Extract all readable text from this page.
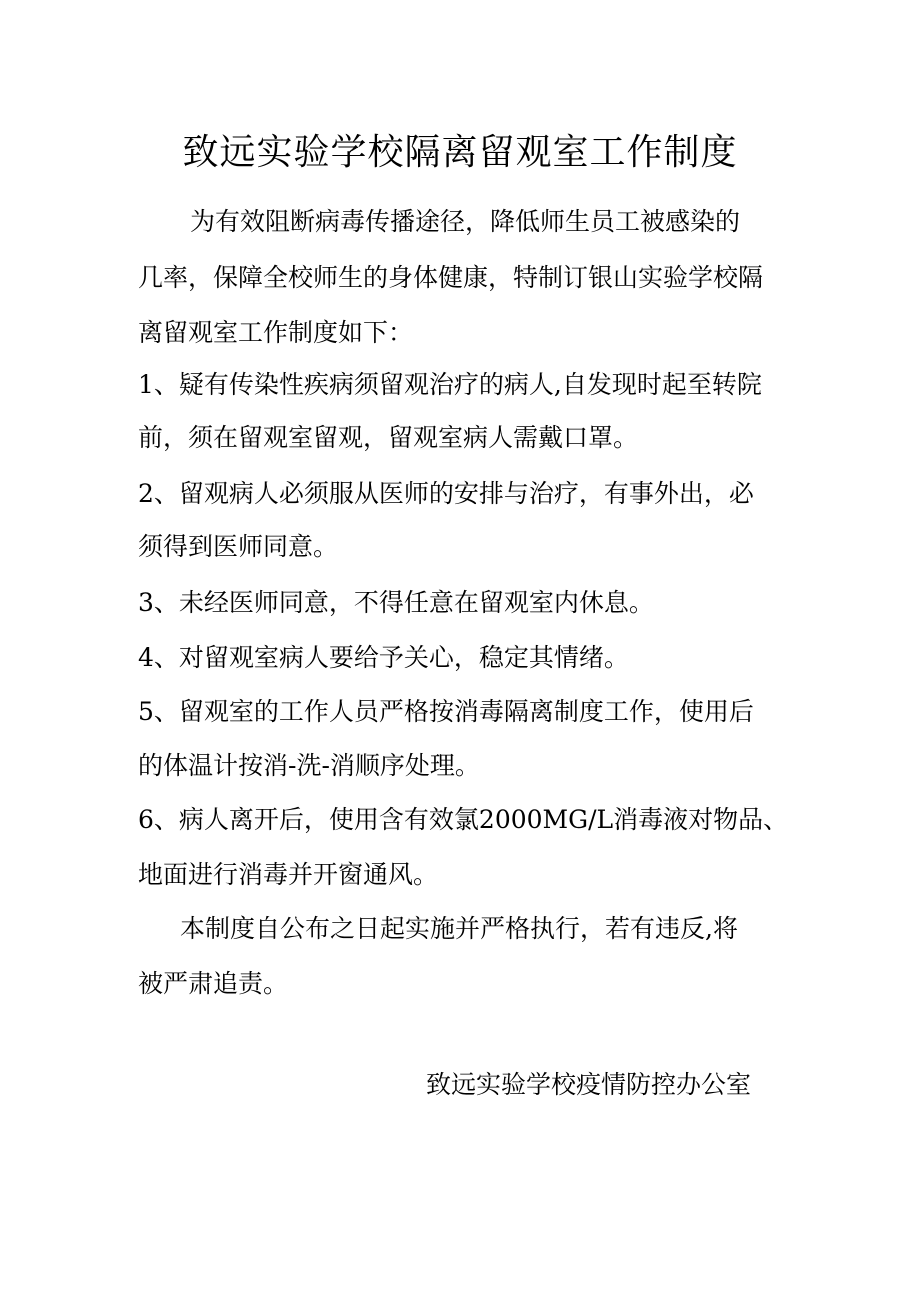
致远实验学校隔离留观室工作制度
为有效阻断病毒传播途径，降低师生员工被感染的
几率，保障全校师生的身体健康，特制订银山实验学校隔
离留观室工作制度如下：
1、疑有传染性疾病须留观治疗的病人,自发现时起至转院
前，须在留观室留观，留观室病人需戴口罩。
2、留观病人必须服从医师的安排与治疗，有事外出，必
须得到医师同意。
3、未经医师同意，不得任意在留观室内休息。
4、对留观室病人要给予关心，稳定其情绪。
5、留观室的工作人员严格按消毒隔离制度工作，使用后
的体温计按消-洗-消顺序处理。
6、病人离开后，使用含有效氯2000MG/L消毒液对物品、
地面进行消毒并开窗通风。
本制度自公布之日起实施并严格执行，若有违反,将
被严肃追责。
致远实验学校疫情防控办公室
